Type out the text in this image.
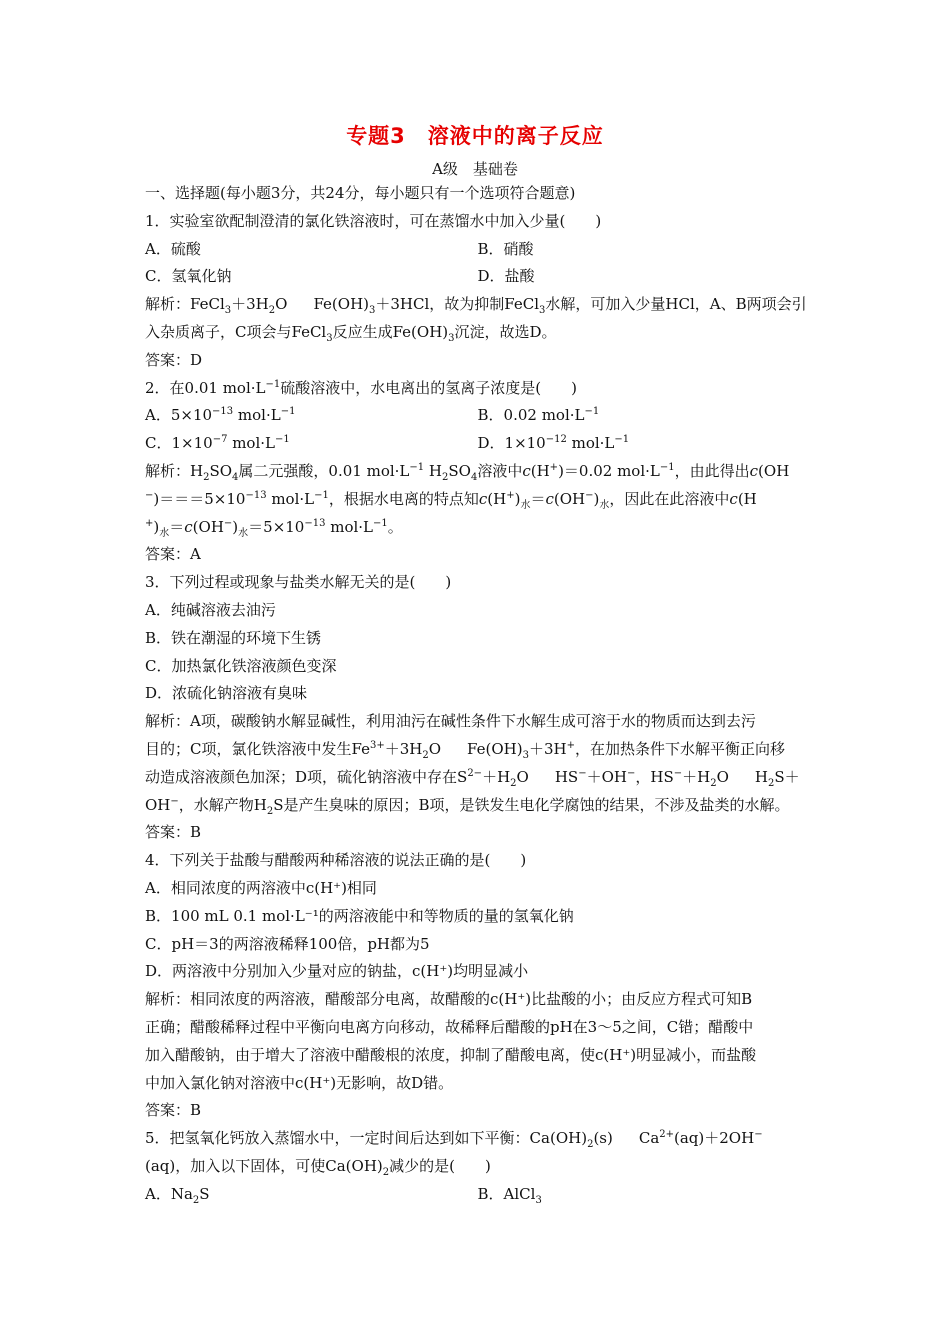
专题3　溶液中的离子反应
A级　基础卷
一、选择题(每小题3分，共24分，每小题只有一个选项符合题意)
1．实验室欲配制澄清的氯化铁溶液时，可在蒸馏水中加入少量(　　)
A．硫酸	B．硝酸
C．氢氧化钠	D．盐酸
解析：$FeCl_3+3H_2O$ $Fe(OH)_3+3HCl$，故为抑制FeCl$_3$水解，可加入少量HCl，A、B两项会引
入杂质离子，C项会与FeCl$_3$反应生成$Fe(OH)_3$沉淀，故选D。
答案：D
2．在0.01 $mol\cdot L^{-1}$硫酸溶液中，水电离出的氢离子浓度是(　　)
A．$5\times 10^{-13}$ $mol\cdot L^{-1}$	B．0.02 $mol\cdot L^{-1}$
C．$1\times 10^{-7}$ $mol\cdot L^{-1}$	D．$1\times 10^{-12}$ $mol\cdot L^{-1}$
解析：$H_2SO_4$属二元强酸，0.01 $mol\cdot L^{-1}$ $H_2SO_4$溶液中c(H+)＝0.02 $mol\cdot L^{-1}$，由此得出c(OH
$^-)===5\times 10^{-13}$ $mol\cdot L^{-1}$，根据水电离的特点知$c(H^+)_水=c(OH^-)_水$，因此在此溶液中c(H
$^+)_水=c(OH^-)_水=5\times 10^{-13}$ $mol\cdot L^{-1}$。
答案：A
3．下列过程或现象与盐类水解无关的是(　　)
A．纯碱溶液去油污
B．铁在潮湿的环境下生锈
C．加热氯化铁溶液颜色变深
D．浓硫化钠溶液有臭味
解析：A项，碳酸钠水解显碱性，利用油污在碱性条件下水解生成可溶于水的物质而达到去污
目的；C项，氯化铁溶液中发生$Fe^{3+}+3H_2O$ $Fe(OH)_3+3H^+$，在加热条件下水解平衡正向移
动造成溶液颜色加深；D项，硫化钠溶液中存在$S^{2-}+H_2O$ HS−＋OH−，$HS^-+H_2O$ $H_2S+$
OH−，水解产物$H_2S$是产生臭味的原因；B项，是铁发生电化学腐蚀的结果，不涉及盐类的水解。
答案：B
4．下列关于盐酸与醋酸两种稀溶液的说法正确的是(　　)
A．相同浓度的两溶液中c(H⁺)相同
B．100 mL 0.1 mol·L⁻¹的两溶液能中和等物质的量的氢氧化钠
C．pH＝3的两溶液稀释100倍，pH都为5
D．两溶液中分别加入少量对应的钠盐，c(H⁺)均明显减小
解析：相同浓度的两溶液，醋酸部分电离，故醋酸的c(H⁺)比盐酸的小；由反应方程式可知B
正确；醋酸稀释过程中平衡向电离方向移动，故稀释后醋酸的pH在3～5之间，C错；醋酸中
加入醋酸钠，由于增大了溶液中醋酸根的浓度，抑制了醋酸电离，使c(H⁺)明显减小，而盐酸
中加入氯化钠对溶液中c(H⁺)无影响，故D错。
答案：B
5．把氢氧化钙放入蒸馏水中，一定时间后达到如下平衡：$Ca(OH)_2(s)$ $Ca^{2+}(aq)+2OH^-$
(aq)，加入以下固体，可使$Ca(OH)_2$减少的是(　　)
A．$Na_2S$	B．AlCl$_3$
